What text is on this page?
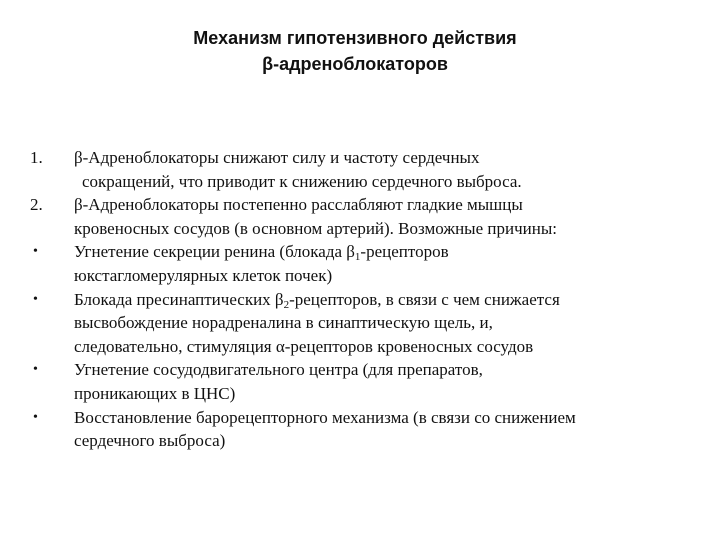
Механизм гипотензивного действия
β-адреноблокаторов
1.	β-Адреноблокаторы снижают силу и частоту сердечных
сокращений, что приводит к снижению сердечного выброса.
2.	β-Адреноблокаторы постепенно расслабляют гладкие мышцы
кровеносных сосудов (в основном артерий). Возможные причины:
•	Угнетение секреции ренина (блокада $\beta_1$-рецепторов
юкстагломерулярных клеток почек)
•	Блокада пресинаптических $\beta_2$-рецепторов, в связи с чем снижается
высвобождение норадреналина в синаптическую щель, и,
следовательно, стимуляция α-рецепторов кровеносных сосудов
•	Угнетение сосудодвигательного центра (для препаратов,
проникающих в ЦНС)
•	Восстановление барорецепторного механизма (в связи со снижением
сердечного выброса)
